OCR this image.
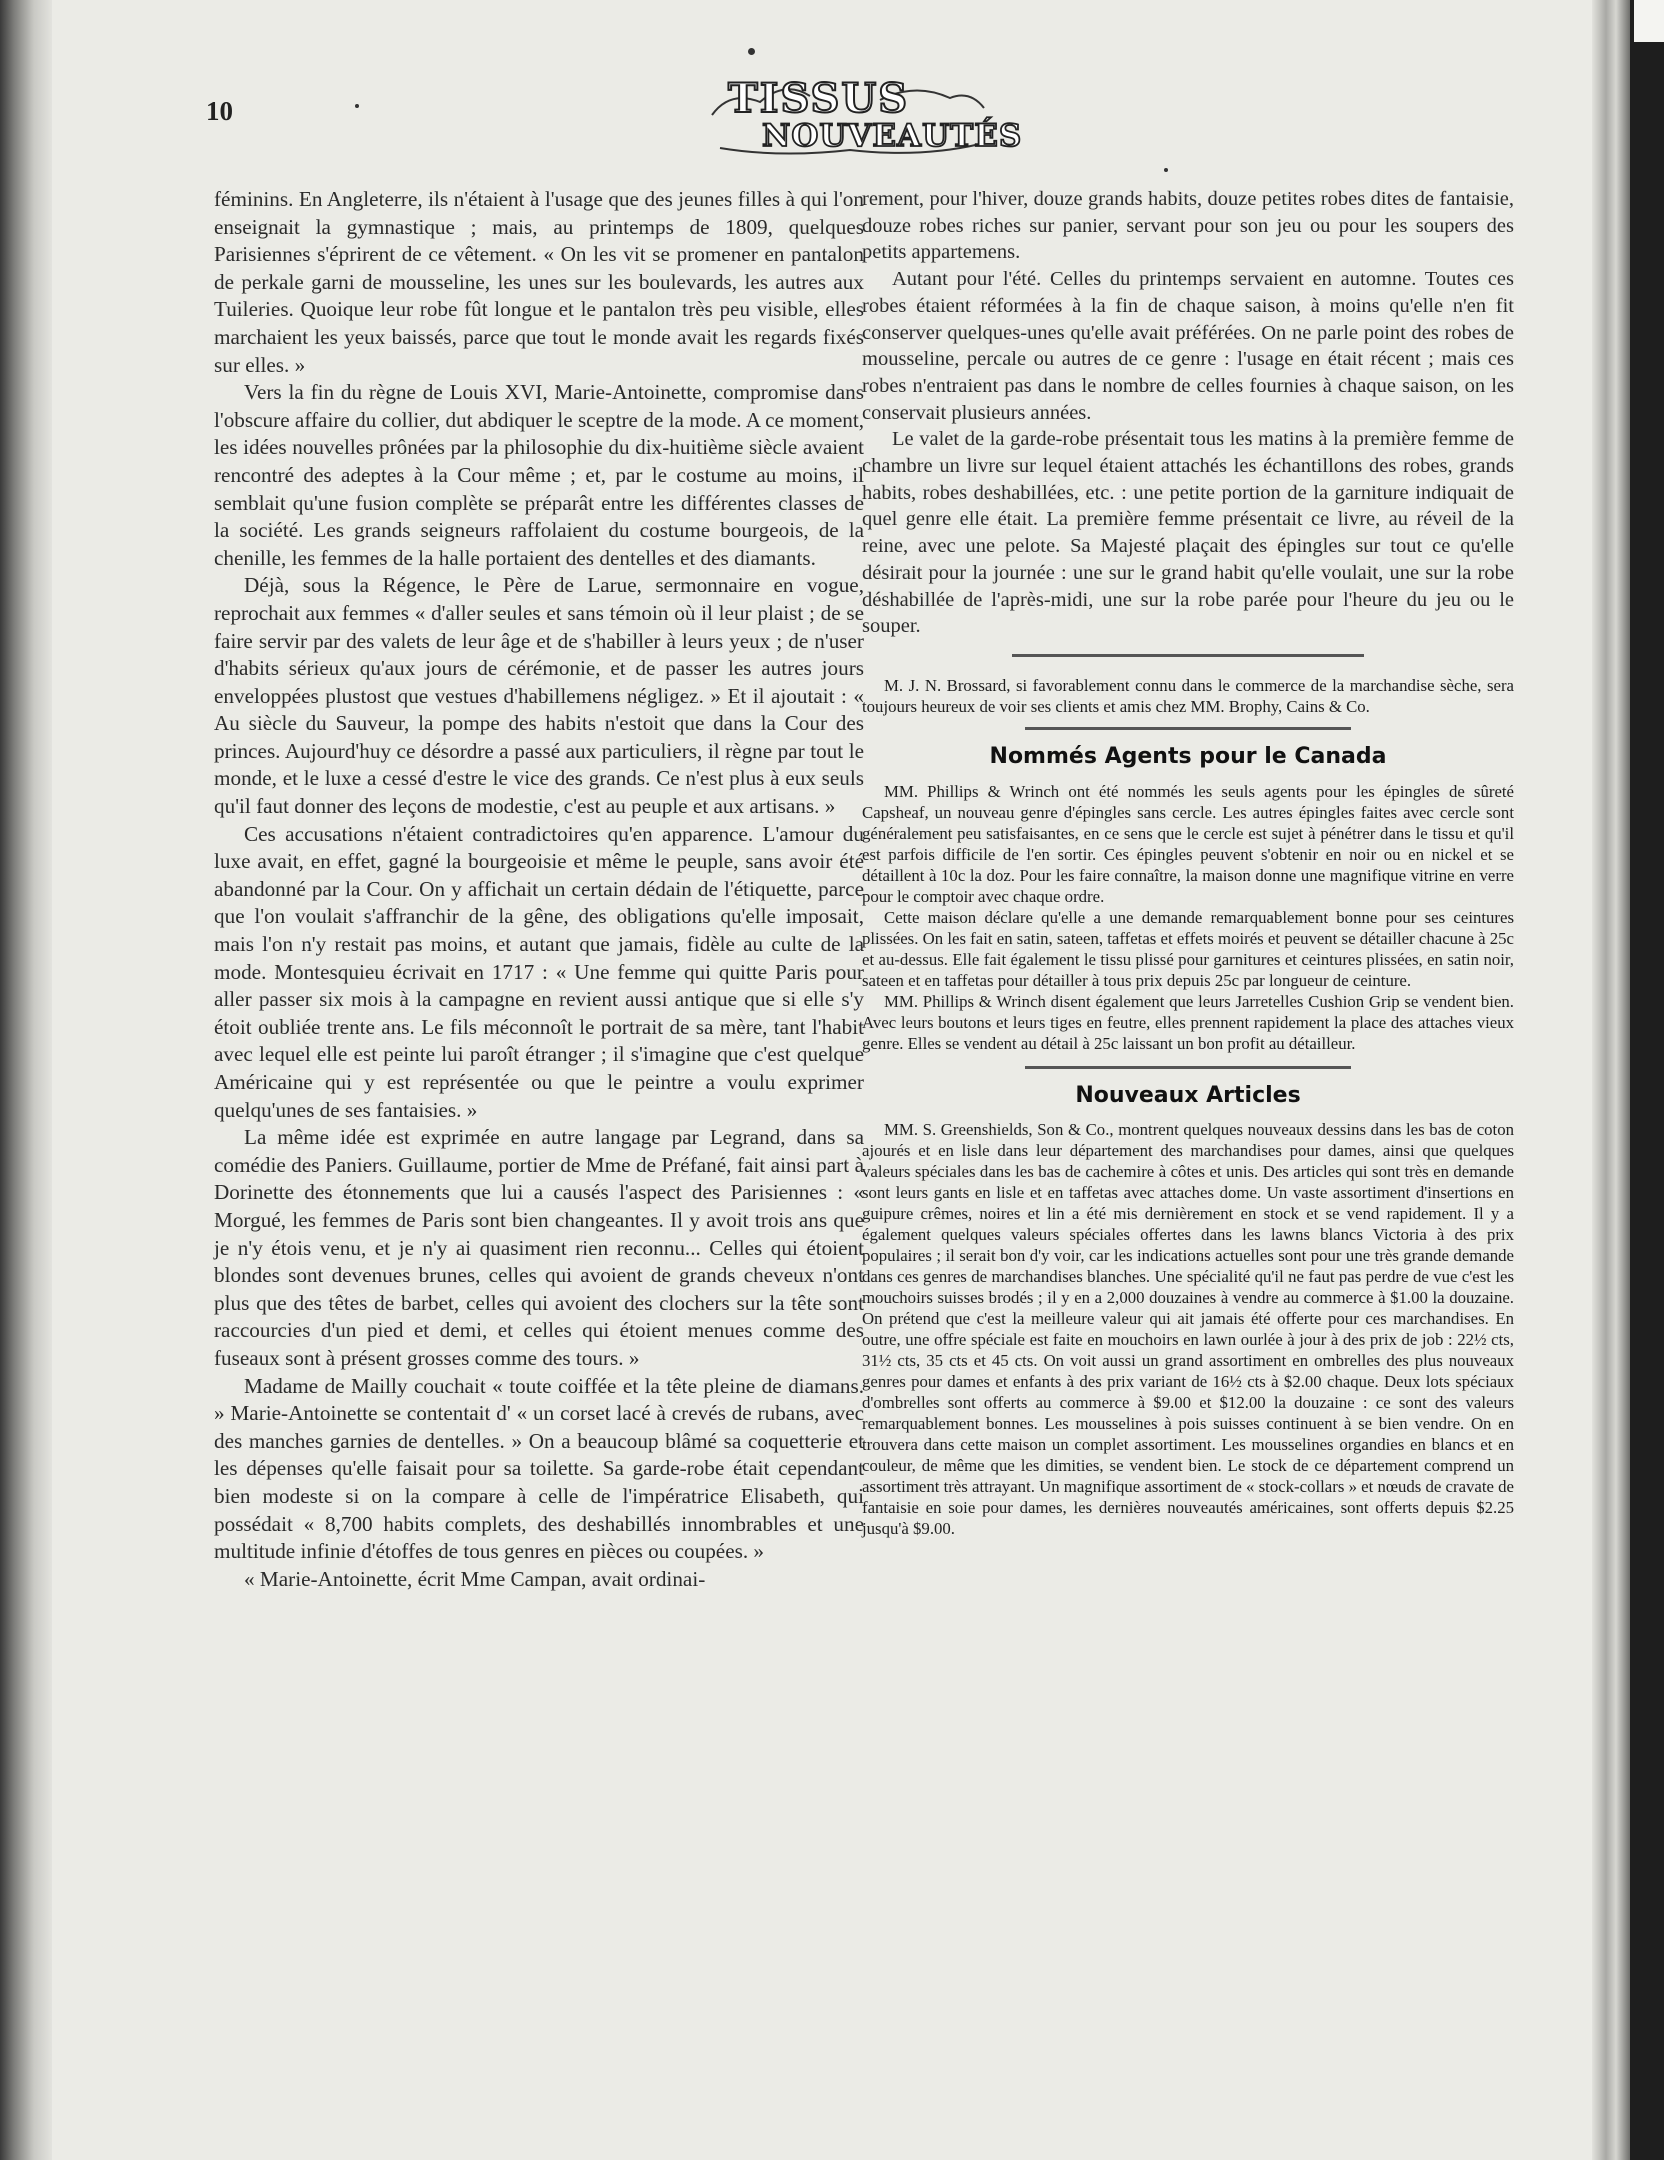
10	TISSUS
NOUVEAUTÉS

féminins. En Angleterre, ils n'étaient à l'usage que des jeunes filles à qui l'on enseignait la gymnastique ; mais, au printemps de 1809, quelques Parisiennes s'éprirent de ce vêtement. « On les vit se promener en pantalon de perkale garni de mousseline, les unes sur les boulevards, les autres aux Tuileries. Quoique leur robe fût longue et le pantalon très peu visible, elles marchaient les yeux baissés, parce que tout le monde avait les regards fixés sur elles. »

Vers la fin du règne de Louis XVI, Marie-Antoinette, compromise dans l'obscure affaire du collier, dut abdiquer le sceptre de la mode. A ce moment, les idées nouvelles prônées par la philosophie du dix-huitième siècle avaient rencontré des adeptes à la Cour même ; et, par le costume au moins, il semblait qu'une fusion complète se préparât entre les différentes classes de la société. Les grands seigneurs raffolaient du costume bourgeois, de la chenille, les femmes de la halle portaient des dentelles et des diamants.

Déjà, sous la Régence, le Père de Larue, sermonnaire en vogue, reprochait aux femmes « d'aller seules et sans témoin où il leur plaist ; de se faire servir par des valets de leur âge et de s'habiller à leurs yeux ; de n'user d'habits sérieux qu'aux jours de cérémonie, et de passer les autres jours enveloppées plustost que vestues d'habillemens négligez. » Et il ajoutait : « Au siècle du Sauveur, la pompe des habits n'estoit que dans la Cour des princes. Aujourd'huy ce désordre a passé aux particuliers, il règne par tout le monde, et le luxe a cessé d'estre le vice des grands. Ce n'est plus à eux seuls qu'il faut donner des leçons de modestie, c'est au peuple et aux artisans. »

Ces accusations n'étaient contradictoires qu'en apparence. L'amour du luxe avait, en effet, gagné la bourgeoisie et même le peuple, sans avoir été abandonné par la Cour. On y affichait un certain dédain de l'étiquette, parce que l'on voulait s'affranchir de la gêne, des obligations qu'elle imposait, mais l'on n'y restait pas moins, et autant que jamais, fidèle au culte de la mode. Montesquieu écrivait en 1717 : « Une femme qui quitte Paris pour aller passer six mois à la campagne en revient aussi antique que si elle s'y étoit oubliée trente ans. Le fils méconnoît le portrait de sa mère, tant l'habit avec lequel elle est peinte lui paroît étranger ; il s'imagine que c'est quelque Américaine qui y est représentée ou que le peintre a voulu exprimer quelqu'unes de ses fantaisies. »

La même idée est exprimée en autre langage par Legrand, dans sa comédie des Paniers. Guillaume, portier de Mme de Préfané, fait ainsi part à Dorinette des étonnements que lui a causés l'aspect des Parisiennes : « Morgué, les femmes de Paris sont bien changeantes. Il y avoit trois ans que je n'y étois venu, et je n'y ai quasiment rien reconnu... Celles qui étoient blondes sont devenues brunes, celles qui avoient de grands cheveux n'ont plus que des têtes de barbet, celles qui avoient des clochers sur la tête sont raccourcies d'un pied et demi, et celles qui étoient menues comme des fuseaux sont à présent grosses comme des tours. »

Madame de Mailly couchait « toute coiffée et la tête pleine de diamans. » Marie-Antoinette se contentait d' « un corset lacé à crevés de rubans, avec des manches garnies de dentelles. » On a beaucoup blâmé sa coquetterie et les dépenses qu'elle faisait pour sa toilette. Sa garde-robe était cependant bien modeste si on la compare à celle de l'impératrice Elisabeth, qui possédait « 8,700 habits complets, des deshabillés innombrables et une multitude infinie d'étoffes de tous genres en pièces ou coupées. »

« Marie-Antoinette, écrit Mme Campan, avait ordinai-

rement, pour l'hiver, douze grands habits, douze petites robes dites de fantaisie, douze robes riches sur panier, servant pour son jeu ou pour les soupers des petits appartemens.

Autant pour l'été. Celles du printemps servaient en automne. Toutes ces robes étaient réformées à la fin de chaque saison, à moins qu'elle n'en fit conserver quelques-unes qu'elle avait préférées. On ne parle point des robes de mousseline, percale ou autres de ce genre : l'usage en était récent ; mais ces robes n'entraient pas dans le nombre de celles fournies à chaque saison, on les conservait plusieurs années.

Le valet de la garde-robe présentait tous les matins à la première femme de chambre un livre sur lequel étaient attachés les échantillons des robes, grands habits, robes deshabillées, etc. : une petite portion de la garniture indiquait de quel genre elle était. La première femme présentait ce livre, au réveil de la reine, avec une pelote. Sa Majesté plaçait des épingles sur tout ce qu'elle désirait pour la journée : une sur le grand habit qu'elle voulait, une sur la robe déshabillée de l'après-midi, une sur la robe parée pour l'heure du jeu ou le souper.

M. J. N. Brossard, si favorablement connu dans le commerce de la marchandise sèche, sera toujours heureux de voir ses clients et amis chez MM. Brophy, Cains & Co.

Nommés Agents pour le Canada

MM. Phillips & Wrinch ont été nommés les seuls agents pour les épingles de sûreté Capsheaf, un nouveau genre d'épingles sans cercle. Les autres épingles faites avec cercle sont généralement peu satisfaisantes, en ce sens que le cercle est sujet à pénétrer dans le tissu et qu'il est parfois difficile de l'en sortir. Ces épingles peuvent s'obtenir en noir ou en nickel et se détaillent à 10c la doz. Pour les faire connaître, la maison donne une magnifique vitrine en verre pour le comptoir avec chaque ordre.

Cette maison déclare qu'elle a une demande remarquablement bonne pour ses ceintures plissées. On les fait en satin, sateen, taffetas et effets moirés et peuvent se détailler chacune à 25c et au-dessus. Elle fait également le tissu plissé pour garnitures et ceintures plissées, en satin noir, sateen et en taffetas pour détailler à tous prix depuis 25c par longueur de ceinture.

MM. Phillips & Wrinch disent également que leurs Jarretelles Cushion Grip se vendent bien. Avec leurs boutons et leurs tiges en feutre, elles prennent rapidement la place des attaches vieux genre. Elles se vendent au détail à 25c laissant un bon profit au détailleur.

Nouveaux Articles

MM. S. Greenshields, Son & Co., montrent quelques nouveaux dessins dans les bas de coton ajourés et en lisle dans leur département des marchandises pour dames, ainsi que quelques valeurs spéciales dans les bas de cachemire à côtes et unis. Des articles qui sont très en demande sont leurs gants en lisle et en taffetas avec attaches dome. Un vaste assortiment d'insertions en guipure crêmes, noires et lin a été mis dernièrement en stock et se vend rapidement. Il y a également quelques valeurs spéciales offertes dans les lawns blancs Victoria à des prix populaires ; il serait bon d'y voir, car les indications actuelles sont pour une très grande demande dans ces genres de marchandises blanches. Une spécialité qu'il ne faut pas perdre de vue c'est les mouchoirs suisses brodés ; il y en a 2,000 douzaines à vendre au commerce à $1.00 la douzaine. On prétend que c'est la meilleure valeur qui ait jamais été offerte pour ces marchandises. En outre, une offre spéciale est faite en mouchoirs en lawn ourlée à jour à des prix de job : 22½ cts, 31½ cts, 35 cts et 45 cts. On voit aussi un grand assortiment en ombrelles des plus nouveaux genres pour dames et enfants à des prix variant de 16½ cts à $2.00 chaque. Deux lots spéciaux d'ombrelles sont offerts au commerce à $9.00 et $12.00 la douzaine : ce sont des valeurs remarquablement bonnes. Les mousselines à pois suisses continuent à se bien vendre. On en trouvera dans cette maison un complet assortiment. Les mousselines organdies en blancs et en couleur, de même que les dimities, se vendent bien. Le stock de ce département comprend un assortiment très attrayant. Un magnifique assortiment de « stock-collars » et nœuds de cravate de fantaisie en soie pour dames, les dernières nouveautés américaines, sont offerts depuis $2.25 jusqu'à $9.00.
